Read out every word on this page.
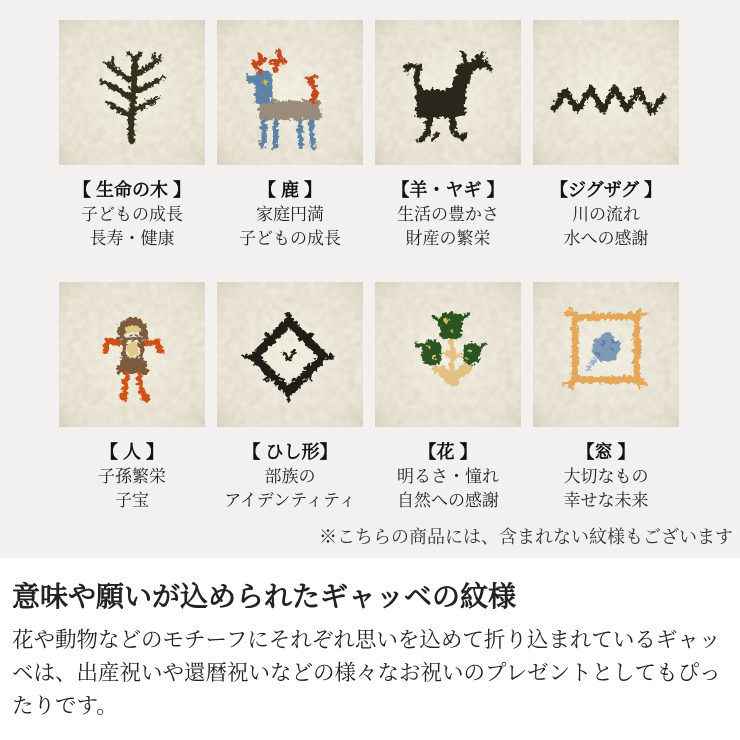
【 生命の木 】
子どもの成長
長寿・健康
【 鹿 】
家庭円満
子どもの成長
【羊・ヤギ 】
生活の豊かさ
財産の繁栄
【ジグザグ 】
川の流れ
水への感謝
【 人 】
子孫繁栄
子宝
【 ひし形】
部族の
アイデンティティ
【花 】
明るさ・憧れ
自然への感謝
【窓 】
大切なもの
幸せな未来
※こちらの商品には、含まれない紋様もございます
意味や願いが込められたギャッベの紋様

花や動物などのモチーフにそれぞれ思いを込めて折り込まれているギャッベは、出産祝いや還暦祝いなどの様々なお祝いのプレゼントとしてもぴったりです。
